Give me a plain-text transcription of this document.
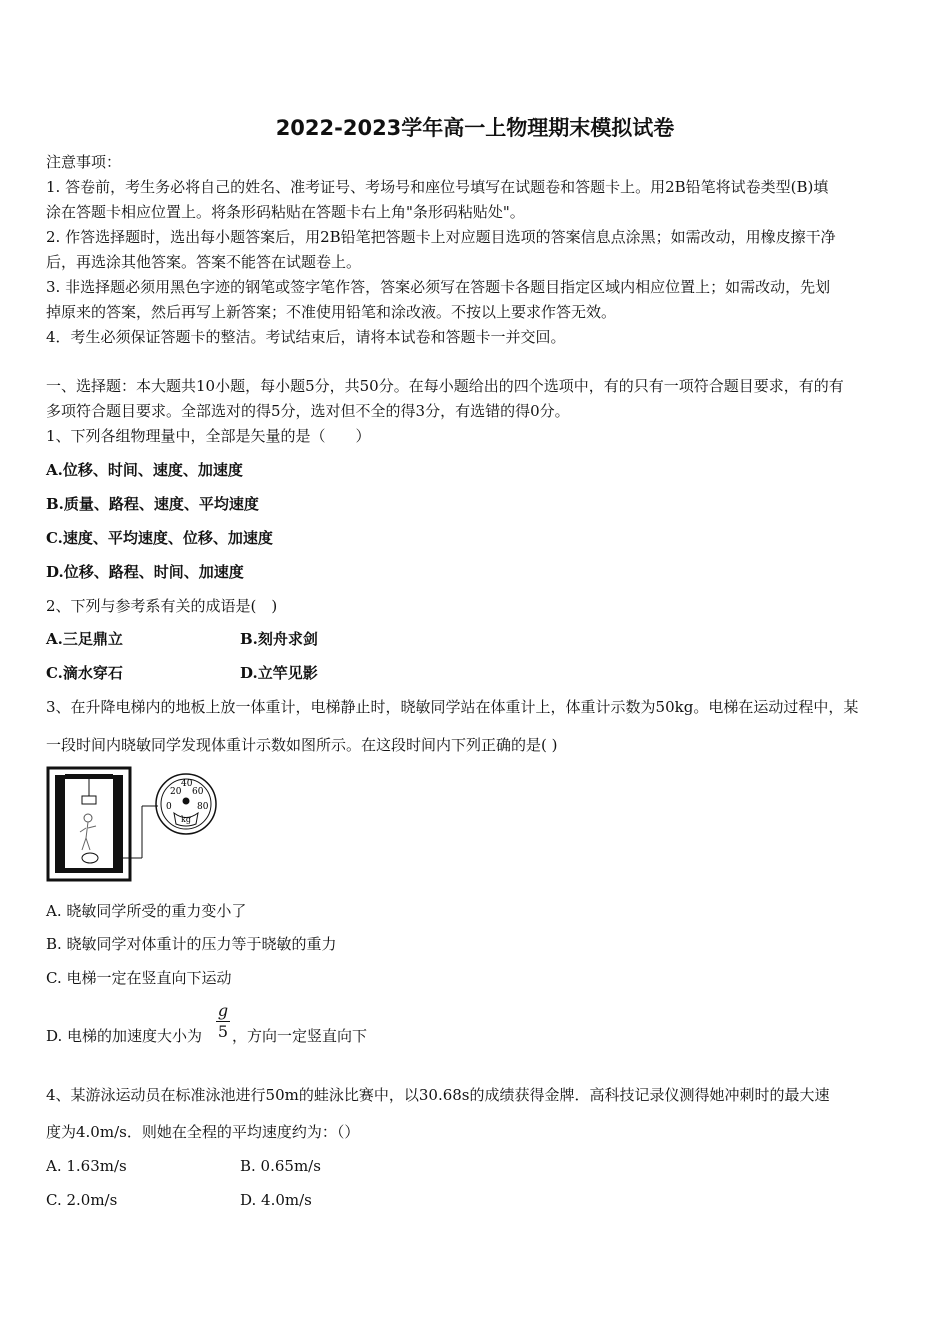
2022-2023学年高一上物理期末模拟试卷
注意事项：
1. 答卷前，考生务必将自己的姓名、准考证号、考场号和座位号填写在试题卷和答题卡上。用2B铅笔将试卷类型(B)填
涂在答题卡相应位置上。将条形码粘贴在答题卡右上角"条形码粘贴处"。
2. 作答选择题时，选出每小题答案后，用2B铅笔把答题卡上对应题目选项的答案信息点涂黑；如需改动，用橡皮擦干净
后，再选涂其他答案。答案不能答在试题卷上。
3. 非选择题必须用黑色字迹的钢笔或签字笔作答，答案必须写在答题卡各题目指定区域内相应位置上；如需改动，先划
掉原来的答案，然后再写上新答案；不准使用铅笔和涂改液。不按以上要求作答无效。
4．考生必须保证答题卡的整洁。考试结束后，请将本试卷和答题卡一并交回。
一、选择题：本大题共10小题，每小题5分，共50分。在每小题给出的四个选项中，有的只有一项符合题目要求，有的有
多项符合题目要求。全部选对的得5分，选对但不全的得3分，有选错的得0分。
1、下列各组物理量中，全部是矢量的是（　　）
A.位移、时间、速度、加速度
B.质量、路程、速度、平均速度
C.速度、平均速度、位移、加速度
D.位移、路程、时间、加速度
2、下列与参考系有关的成语是(　)
A.三足鼎立	B.刻舟求剑
C.滴水穿石	D.立竿见影
3、在升降电梯内的地板上放一体重计，电梯静止时，晓敏同学站在体重计上，体重计示数为50kg。电梯在运动过程中，某
一段时间内晓敏同学发现体重计示数如图所示。在这段时间内下列正确的是( )
20
40
60
0	80
kg
A. 晓敏同学所受的重力变小了
B. 晓敏同学对体重计的压力等于晓敏的重力
C. 电梯一定在竖直向下运动
D. 电梯的加速度大小为
g
5 ，方向一定竖直向下
4、某游泳运动员在标准泳池进行50m的蛙泳比赛中，以30.68s的成绩获得金牌．高科技记录仪测得她冲刺时的最大速
度为4.0m/s．则她在全程的平均速度约为：（）
A. 1.63m/s	B. 0.65m/s
C. 2.0m/s	D. 4.0m/s
